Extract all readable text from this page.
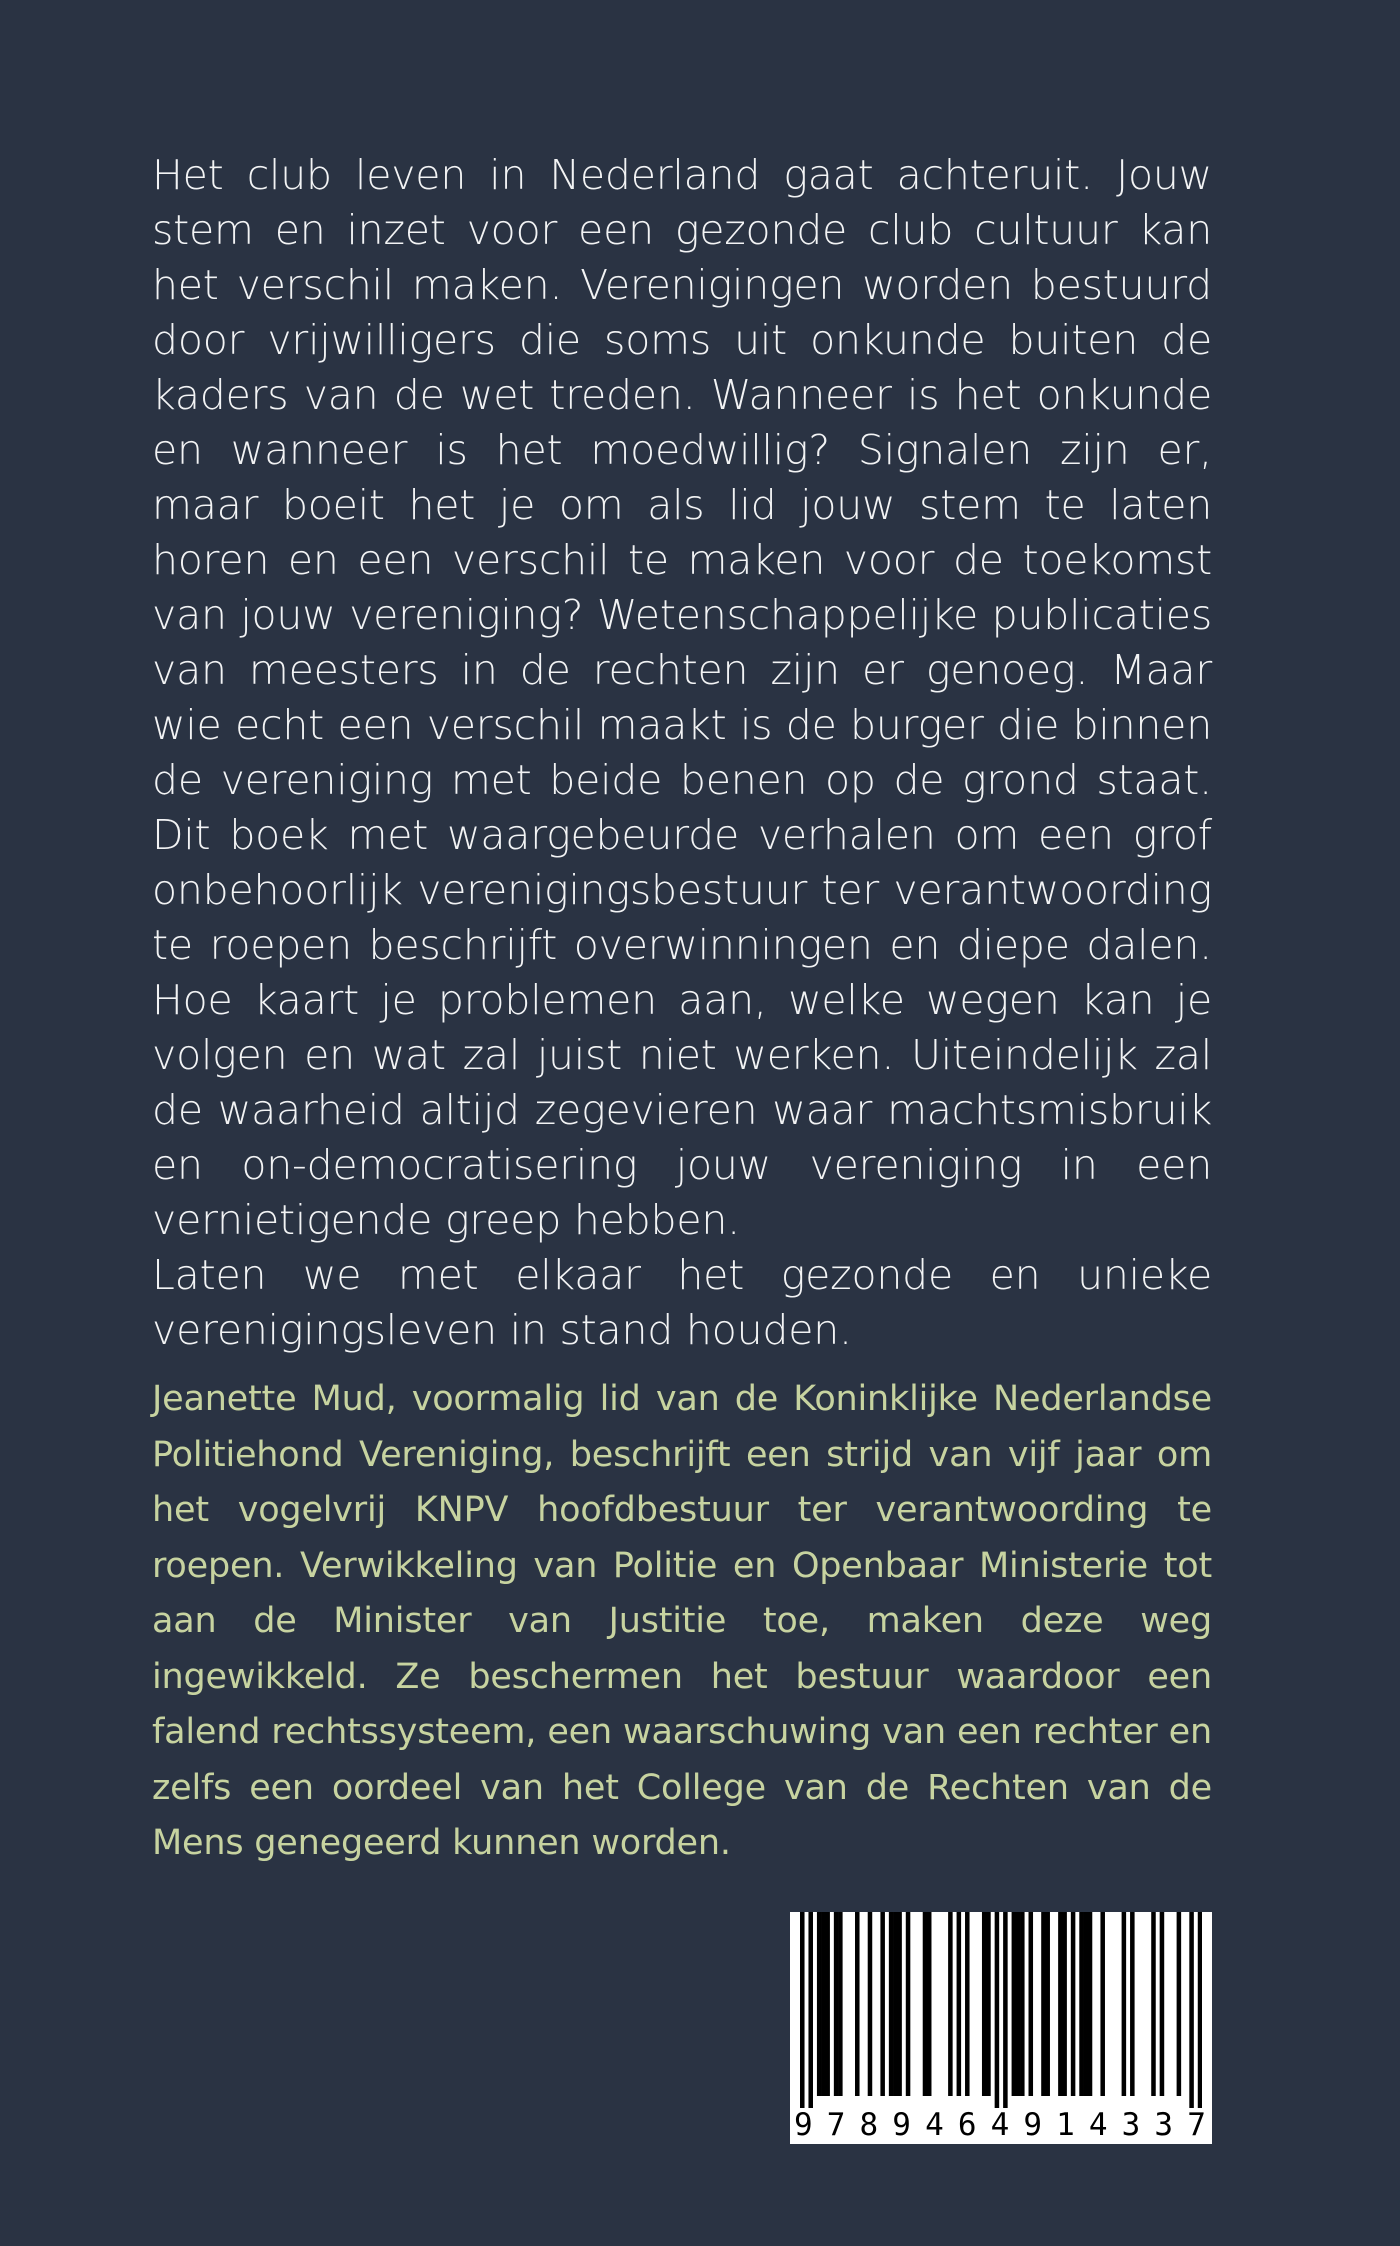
Het club leven in Nederland gaat achteruit. Jouw stem en inzet voor een gezonde club cultuur kan het verschil maken. Verenigingen worden bestuurd door vrijwilligers die soms uit onkunde buiten de kaders van de wet treden. Wanneer is het onkunde en wanneer is het moedwillig? Signalen zijn er, maar boeit het je om als lid jouw stem te laten horen en een verschil te maken voor de toekomst van jouw vereniging? Wetenschappelijke publicaties van meesters in de rechten zijn er genoeg. Maar wie echt een verschil maakt is de burger die binnen de vereniging met beide benen op de grond staat. Dit boek met waargebeurde verhalen om een grof onbehoorlijk verenigingsbestuur ter verantwoording te roepen beschrijft overwinningen en diepe dalen. Hoe kaart je problemen aan, welke wegen kan je volgen en wat zal juist niet werken. Uiteindelijk zal de waarheid altijd zegevieren waar machtsmisbruik en on-democratisering jouw vereniging in een vernietigende greep hebben.

Laten we met elkaar het gezonde en unieke verenigingsleven in stand houden.

Jeanette Mud, voormalig lid van de Koninklijke Nederlandse Politiehond Vereniging, beschrijft een strijd van vijf jaar om het vogelvrij KNPV hoofdbestuur ter verantwoording te roepen. Verwikkeling van Politie en Openbaar Ministerie tot aan de Minister van Justitie toe, maken deze weg ingewikkeld. Ze beschermen het bestuur waardoor een falend rechtssysteem, een waarschuwing van een rechter en zelfs een oordeel van het College van de Rechten van de Mens genegeerd kunnen worden.

9 7 8 9 4 6 4 9 1 4 3 3 7
